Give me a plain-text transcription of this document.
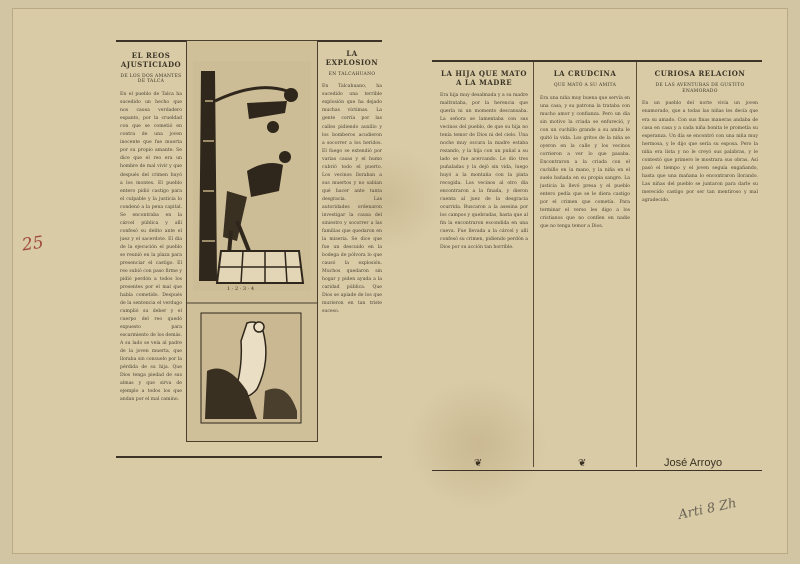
25
EL REOS AJUSTICIADO
DE LOS DOS AMANTES DE TALCA
En el pueblo de Talca ha sucedido un hecho que nos causa verdadero espanto, por la crueldad con que se cometió en contra de una joven inocente que fue muerta por su propio amante. Se dice que el reo era un hombre de mal vivir y que después del crimen huyó a los montes. El pueblo entero pidió castigo para el culpable y la justicia lo condenó a la pena capital. Se encontraba en la cárcel pública y allí confesó su delito ante el juez y el sacerdote. El día de la ejecución el pueblo se reunió en la plaza para presenciar el castigo. El reo subió con paso firme y pidió perdón a todos los presentes por el mal que había cometido. Después de la sentencia el verdugo cumplió su deber y el cuerpo del reo quedó expuesto para escarmiento de los demás. A su lado se veía al padre de la joven muerta, que lloraba sin consuelo por la pérdida de su hija. Que Dios tenga piedad de sus almas y que sirva de ejemplo a todos los que andan por el mal camino.
1 · 2 · 3 · 4
LA EXPLOSION
EN TALCAHUANO
En Talcahuano, ha sucedido una terrible explosión que ha dejado muchas víctimas. La gente corría por las calles pidiendo auxilio y los bomberos acudieron a socorrer a los heridos. El fuego se extendió por varias casas y el humo cubrió todo el puerto. Los vecinos lloraban a sus muertos y no sabían qué hacer ante tanta desgracia. Las autoridades ordenaron investigar la causa del siniestro y socorrer a las familias que quedaron en la miseria. Se dice que fue un descuido en la bodega de pólvora lo que causó la explosión. Muchos quedaron sin hogar y piden ayuda a la caridad pública. Que Dios se apiade de los que murieron en tan triste suceso.
LA HIJA QUE MATÓ A LA MADRE
Era hija muy desalmada y a su madre maltrataba, por la herencia que quería ni un momento descansaba. La señora se lamentaba con sus vecinos del pueblo, de que su hija no tenía temor de Dios ni del cielo. Una noche muy oscura la madre estaba rezando, y la hija con un puñal a su lado se fue acercando. Le dio tres puñaladas y la dejó sin vida, luego huyó a la montaña con la plata recogida. Los vecinos al otro día encontraron a la finada, y dieron cuenta al juez de la desgracia ocurrida. Buscaron a la asesina por los campos y quebradas, hasta que al fin la encontraron escondida en una cueva. Fue llevada a la cárcel y allí confesó su crimen, pidiendo perdón a Dios por su acción tan horrible.
❦
LA CRUDCINA
QUE MATÓ A SU AMITA
Era una niña muy buena que servía en una casa, y su patrona la trataba con mucho amor y confianza. Pero un día sin motivo la criada se enfureció, y con un cuchillo grande a su amita le quitó la vida. Los gritos de la niña se oyeron en la calle y los vecinos corrieron a ver lo que pasaba. Encontraron a la criada con el cuchillo en la mano, y la niña en el suelo bañada en su propia sangre. La justicia la llevó presa y el pueblo entero pedía que se le diera castigo por el crimen que cometía. Para terminar el verso les digo a los cristianos que no confíen en nadie que no tenga temor a Dios.
❦
CURIOSA RELACIÓN
DE LAS AVENTURAS DE GUSTITO ENAMORADO
En un pueblo del norte vivía un joven enamorado, que a todas las niñas les decía que era su amado. Con sus finas maneras andaba de casa en casa y a cada niña bonita le prometía su esperanza. Un día se encontró con una niña muy hermosa, y le dijo que sería su esposa. Pero la niña era lista y no le creyó sus palabras, y le contestó que primero le mostrara sus obras. Así pasó el tiempo y el joven seguía engañando, hasta que una mañana lo encontraron llorando. Las niñas del pueblo se juntaron para darle su merecido castigo por ser tan mentiroso y mal agradecido.
José Arroyo
Arti 8 Zh
